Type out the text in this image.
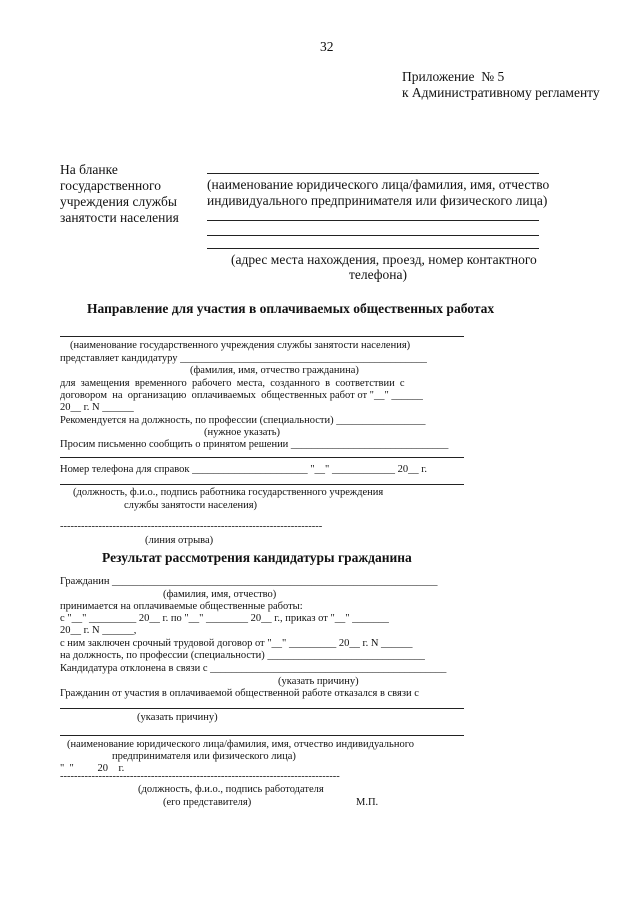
32
Приложение  № 5
к Административному регламенту
На бланке
государственного
учреждения службы
занятости населения
(наименование юридического лица/фамилия, имя, отчество
индивидуального предпринимателя или физического лица)
(адрес места нахождения, проезд, номер контактного
телефона)
Направление для участия в оплачиваемых общественных работах
(наименование государственного учреждения службы занятости населения)
представляет кандидатуру _______________________________________________
(фамилия, имя, отчество гражданина)
для  замещения  временного  рабочего  места,  созданного  в  соответствии  с
договором  на  организацию  оплачиваемых  общественных работ от "__" ______
20__ г. N ______
Рекомендуется на должность, по профессии (специальности) _________________
(нужное указать)
Просим письменно сообщить о принятом решении ______________________________
Номер телефона для справок ______________________ "__" ____________ 20__ г.
(должность, ф.и.о., подпись работника государственного учреждения
службы занятости населения)
---------------------------------------------------------------------------
(линия отрыва)
Результат рассмотрения кандидатуры гражданина
Гражданин ______________________________________________________________
(фамилия, имя, отчество)
принимается на оплачиваемые общественные работы:
с "__" _________ 20__ г. по "__" ________ 20__ г., приказ от "__" _______
20__ г. N ______,
с ним заключен срочный трудовой договор от "__" _________ 20__ г. N ______
на должность, по профессии (специальности) ______________________________
Кандидатура отклонена в связи с _____________________________________________
(указать причину)
Гражданин от участия в оплачиваемой общественной работе отказался в связи с
(указать причину)
(наименование юридического лица/фамилия, имя, отчество индивидуального
предпринимателя или физического лица)
"  "         20    г.
--------------------------------------------------------------------------------
(должность, ф.и.о., подпись работодателя
(его представителя)	М.П.
